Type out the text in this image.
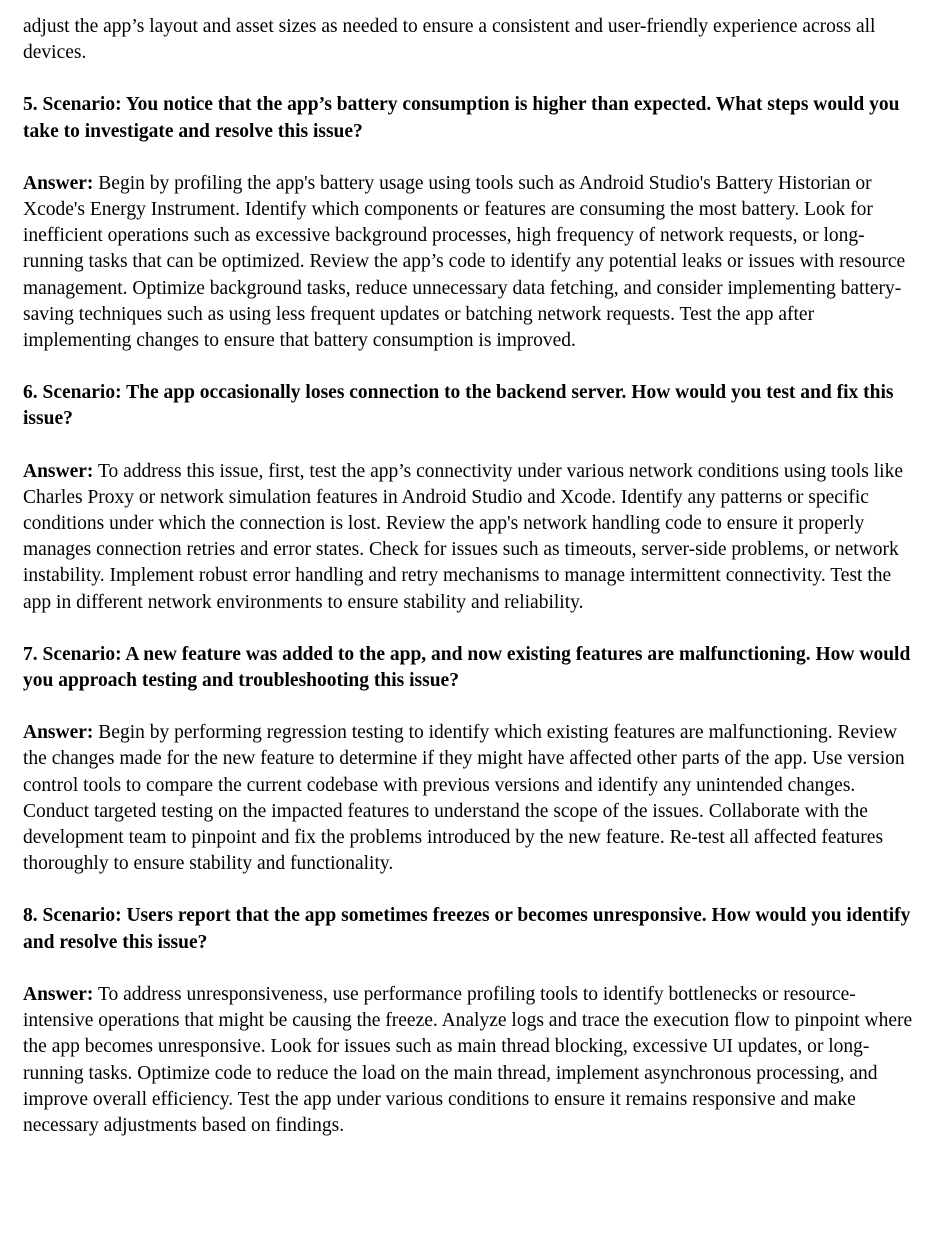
adjust the app’s layout and asset sizes as needed to ensure a consistent and user-friendly experience across all devices.

5. Scenario: You notice that the app’s battery consumption is higher than expected. What steps would you take to investigate and resolve this issue?

Answer: Begin by profiling the app's battery usage using tools such as Android Studio's Battery Historian or Xcode's Energy Instrument. Identify which components or features are consuming the most battery. Look for inefficient operations such as excessive background processes, high frequency of network requests, or long-running tasks that can be optimized. Review the app’s code to identify any potential leaks or issues with resource management. Optimize background tasks, reduce unnecessary data fetching, and consider implementing battery-saving techniques such as using less frequent updates or batching network requests. Test the app after implementing changes to ensure that battery consumption is improved.

6. Scenario: The app occasionally loses connection to the backend server. How would you test and fix this issue?

Answer: To address this issue, first, test the app’s connectivity under various network conditions using tools like Charles Proxy or network simulation features in Android Studio and Xcode. Identify any patterns or specific conditions under which the connection is lost. Review the app's network handling code to ensure it properly manages connection retries and error states. Check for issues such as timeouts, server-side problems, or network instability. Implement robust error handling and retry mechanisms to manage intermittent connectivity. Test the app in different network environments to ensure stability and reliability.

7. Scenario: A new feature was added to the app, and now existing features are malfunctioning. How would you approach testing and troubleshooting this issue?

Answer: Begin by performing regression testing to identify which existing features are malfunctioning. Review the changes made for the new feature to determine if they might have affected other parts of the app. Use version control tools to compare the current codebase with previous versions and identify any unintended changes. Conduct targeted testing on the impacted features to understand the scope of the issues. Collaborate with the development team to pinpoint and fix the problems introduced by the new feature. Re-test all affected features thoroughly to ensure stability and functionality.

8. Scenario: Users report that the app sometimes freezes or becomes unresponsive. How would you identify and resolve this issue?

Answer: To address unresponsiveness, use performance profiling tools to identify bottlenecks or resource-intensive operations that might be causing the freeze. Analyze logs and trace the execution flow to pinpoint where the app becomes unresponsive. Look for issues such as main thread blocking, excessive UI updates, or long-running tasks. Optimize code to reduce the load on the main thread, implement asynchronous processing, and improve overall efficiency. Test the app under various conditions to ensure it remains responsive and make necessary adjustments based on findings.
